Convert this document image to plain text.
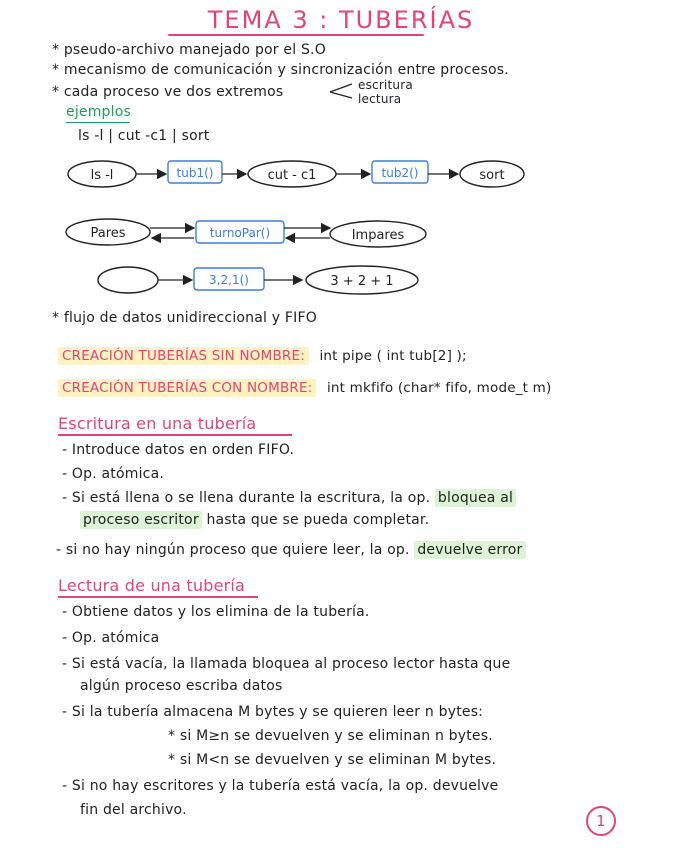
TEMA 3 : TUBERÍAS
* pseudo-archivo manejado por el S.O
* mecanismo de comunicación y sincronización entre procesos.
* cada proceso ve dos extremos	escritura
lectura
ejemplos
ls -l | cut -c1 | sort
ls -l	tub1()	cut - c1	tub2()	sort
Pares	turnoPar()	Impares
3,2,1()	3 + 2 + 1
* flujo de datos unidireccional y FIFO
CREACIÓN TUBERÍAS SIN NOMBRE: int pipe ( int tub[2] );
CREACIÓN TUBERÍAS CON NOMBRE: int mkfifo (char* fifo, mode_t m)
Escritura en una tubería
- Introduce datos en orden FIFO.
- Op. atómica.
- Si está llena o se llena durante la escritura, la op. bloquea al
proceso escritor hasta que se pueda completar.
- si no hay ningún proceso que quiere leer, la op. devuelve error
Lectura de una tubería
- Obtiene datos y los elimina de la tubería.
- Op. atómica
- Si está vacía, la llamada bloquea al proceso lector hasta que
algún proceso escriba datos
- Si la tubería almacena M bytes y se quieren leer n bytes:
* si M≥n se devuelven y se eliminan n bytes.
* si M<n se devuelven y se eliminan M bytes.
- Si no hay escritores y la tubería está vacía, la op. devuelve
fin del archivo.
1
